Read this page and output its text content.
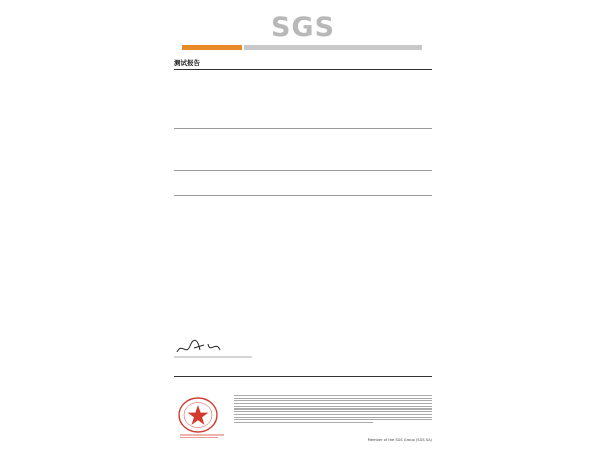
SGS
测试报告
Member of the SGS Group (SGS SA)
